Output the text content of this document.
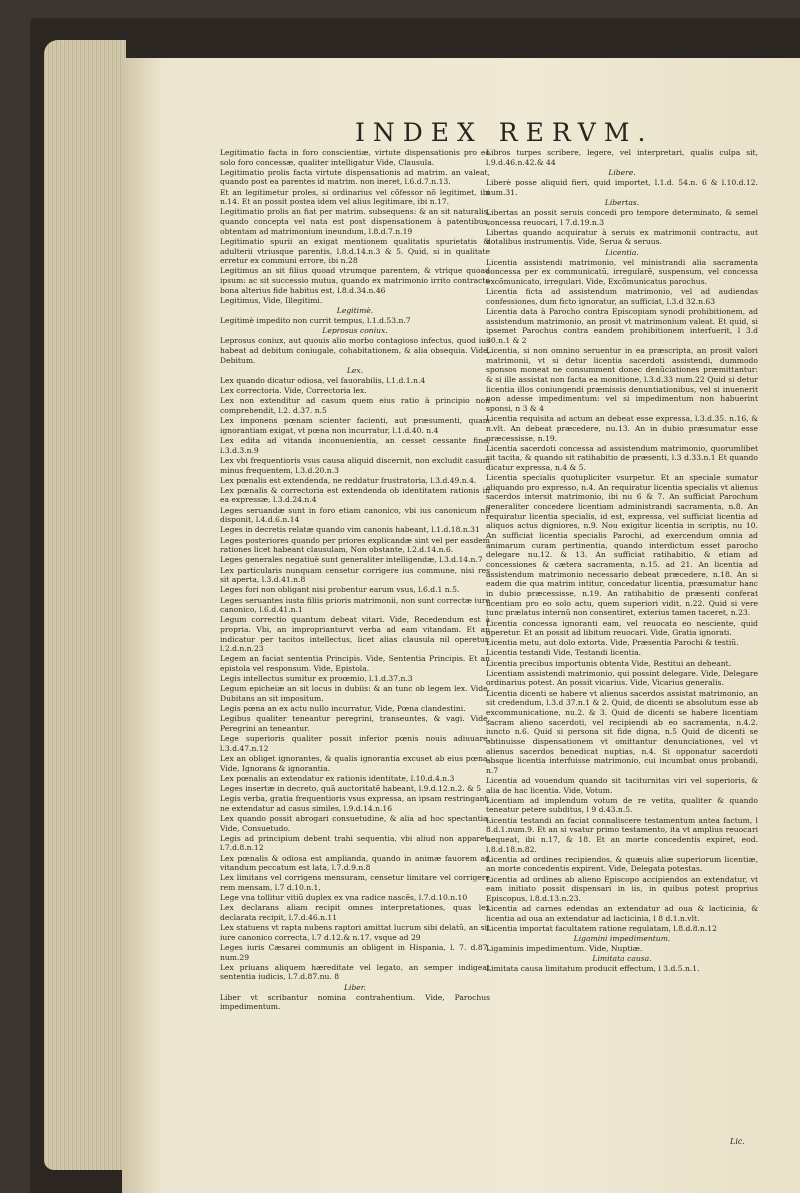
INDEX RERVM.

Legitimatio facta in foro conscientiæ, virtute dispensationis pro eo solo foro concessæ, qualiter intelligatur Vide, Clausula.

Legitimatio prolis facta virtute dispensationis ad matrim. an valeat, quando post ea parentes id matrim. non ineret, l.6.d.7.n.13.

Et an legitimetur proles, si ordinarius vel cõfessor nõ legitimet, ibi n.14. Et an possit postea idem vel alius legitimare, ibi n.17.

Legitimatio prolis an fiat per matrim. subsequens: & an sit naturalis, quando concepta vel nata est post dispensationem à patentibus, obtentam ad matrimonium ineundum, l.8.d.7.n.19

Legitimatio spurii an exigat mentionem qualitatis spurietatis & adulterii vtriusque parentis, l.8.d.14.n.3 & 5. Quid, si in qualitate erretur ex communi errore, ibi n.28

Legitimus an sit filius quoad vtrumque parentem, & vtrique quoad ipsum: ac sit successio mutua, quando ex matrimonio irrito contracto bona alterius fide habitus est, l.8.d.34.n.46

Legitimus, Vide, Illegitimi.

Legitimè.

Legitimè impedito non currit tempus, l.1.d.53.n.7

Leprosus coniux.

Leprosus coniux, aut quouis alio morbo contagioso infectus, quod ius habeat ad debitum coniugale, cohabitationem, & alia obsequia. Vide, Debitum.

Lex.

Lex quando dicatur odiosa, vel fauorabilis, l.1.d.1.n.4

Lex correctoria. Vide, Correctoria lex.

Lex non extenditur ad casum quem eius ratio à principio non comprehendit, l.2. d.37. n.5

Lex imponens pœnam scienter facienti, aut præsumenti, quam ignorantiam exigat, vt pœna non incurratur, l.1.d.40. n.4

Lex edita ad vitanda inconuenientia, an cesset cessante fine, l.3.d.3.n.9

Lex vbi frequentioris vsus causa aliquid discernit, non excludit casum minus frequentem, l.3.d.20.n.3

Lex pœnalis est extendenda, ne reddatur frustratoria, l.3.d.49.n.4.

Lex pœnalis & correctoria est extendenda ob identitatem rationis in ea expressæ, l.3.d.24.n.4

Leges seruandæ sunt in foro etiam canonico, vbi ius canonicum nil disponit, l.4.d.6.n.14

Leges in decretis relatæ quando vim canonis habeant, l.1.d.18.n.31

Leges posteriores quando per priores explicandæ sint vel per easdem rationes licet habeant clausulam, Non obstante, l.2.d.14.n.6.

Leges generales negatiuè sunt generaliter intelligendæ, l.3.d.14.n.7

Lex particularis nunquam censetur corrigere ius commune, nisi res sit aperta, l.3.d.41.n.8

Leges fori non obligant nisi probentur earum vsus, l.6.d.1 n.5.

Leges seruantes iusta filiis prioris matrimonii, non sunt correctæ iure canonico, l.6.d.41.n.1

Legum correctio quantum debeat vitari. Vide, Recedendum est à propria. Vbi, an improprianturvt verba ad eam vitandam. Et an indicatur per tacitos intellectus, licet alias clausula nil operetur, l.2.d.n.n.23

Legem an faciat sententia Principis. Vide, Sententia Principis. Et an epistola vel responsum. Vide, Epistola.

Legis intellectus sumitur ex proœmio, l.1.d.37.n.3

Legum epicheiæ an sit locus in dubiis: & an tunc ob legem lex. Vide, Dubitans an sit impositum.

Legis pœna an ex actu nullo incurratur, Vide, Pœna clandestini.

Legibus qualiter teneantur peregrini, transeuntes, & vagi. Vide, Peregrini an teneantur.

Lege superioris qualiter possit inferior pœnis nouis adiuuare, l.3.d.47.n.12

Lex an obliget ignorantes, & qualis ignorantia excuset ab eius pœna. Vide, Ignorans & ignorantia.

Lex pœnalis an extendatur ex rationis identitate, l.10.d.4.n.3

Leges insertæ in decreto, quã auctoritatẽ habeant, l.9.d.12.n.2. & 5

Legis verba, gratia frequentioris vsus expressa, an ipsam restringant, ne extendatur ad casus similes, l.9.d.14.n.16

Lex quando possit abrogari consuetudine, & alia ad hoc spectantia. Vide, Consuetudo.

Legis ad principium debent trahi sequentia, vbi aliud non apparet, l.7.d.8.n.12

Lex pœnalis & odiosa est amplianda, quando in animæ fauorem ad vitandum peccatum est lata, l.7.d.9.n.8

Lex limitans vel corrigens mensuram, censetur limitare vel corrigere rem mensam, l.7 d.10.n.1,

Lege vna tollitur vitiũ duplex ex vna radice nascẽs, l.7.d.10.n.10

Lex declarans aliam recipit omnes interpretationes, quas lex declarata recipit, l.7.d.46.n.11

Lex statuens vt rapta nubens raptori amittat lucrum sibi delatũ, an sit iure canonico correcta, l.7 d.12.& n.17. vsque ad 29

Leges iuris Cæsarei communis an obligent in Hispania, l. 7. d.87. num.29

Lex priuans aliquem hæreditate vel legato, an semper indigeat sententia iudicis, l.7.d.87.nu. 8

Liber.

Liber vt scribantur nomina contrahentium. Vide, Parochus impedimentum.

Libros turpes scribere, legere, vel interpretari, qualis culpa sit, l.9.d.46.n.42.& 44

Libere.

Liberè posse aliquid fieri, quid importet, l.1.d. 54.n. 6 & l.10.d.12. num.31.

Libertas.

Libertas an possit seruis concedi pro tempore determinato, & semel concessa reuocari, l 7.d.19.n.3

Libertas quando acquiratur à seruis ex matrimonii contractu, aut dotalibus instrumentis. Vide, Serua & seruus.

Licentia.

Licentia assistendi matrimonio, vel ministrandi alia sacramenta concessa per ex communicatũ, irregularẽ, suspensum, vel concessa excõmunicato, irregulari. Vide, Excõmunicatus parochus.

Licentia ficta ad assistendum matrimonio, vel ad audiendas confessiones, dum ficto ignoratur, an sufficiat, l.3.d 32.n.63

Licentia data à Parocho contra Episcopiam synodi prohibitionem, ad assistendum matrimonio, an prosit vt matrimonium valeat. Et quid, si ipsemet Parochus contra eandem prohibitionem interfuerit, l 3.d 30.n.1 & 2

Licentia, si non omnino seruentur in ea præscripta, an prosit valori matrimonii, vt si detur licentia sacerdoti assistendi, dummodo sponsos moneat ne consumment donec denũciationes præmittantur: & si ille assistat non facta ea monitione, l.3.d.33 num.22 Quid si detur licentia illos coniungendi præmissis denuntiationibus, vel si inuenerit non adesse impedimentum: vel si impedimentum non habuerint sponsi, n 3 & 4

Licentia requisita ad actum an debeat esse expressa, l.3.d.35. n.16, & n.vlt. An debeat præcedere, nu.13. An in dubio præsumatur esse præcessisse, n.19.

Licentia sacerdoti concessa ad assistendum matrimonio, quorumlibet sit tacita, & quando sit ratihabitio de præsenti, l.3 d.33.n.1 Et quando dicatur expressa, n.4 & 5.

Licentia specialis quotupliciter vsurpetur. Et an speciale sumatur aliquando pro expresso, n.4. An requiratur licentia specialis vt alienus sacerdos intersit matrimonio, ibi nu 6 & 7. An sufficiat Parochum generaliter concedere licentiam administrandi sacramenta, n.8. An requiratur licentia specialis, id est, expressa, vel sufficiat licentia ad aliquos actus digniores, n.9. Nou exigitur licentia in scriptis, nu 10. An sufficiat licentia specialis Parochi, ad exercendum omnia ad animarum curam pertinentia, quando interdictum esset parocho delegare nu.12. & 13. An sufficiat ratihabitio, & etiam ad concessiones & cætera sacramenta, n.15. ad 21. An licentia ad assistendum matrimonio necessario debeat præcedere, n.18. An si eadem die qua matrim intitur, concedatur licentia, præsumatur hanc in dubio præcessisse, n.19. An ratihabitio de præsenti conferat licentiam pro eo solo actu, quem superiori vidit, n.22. Quid si vere tunc prælatus internũ non consentiret, exterius tamen taceret, n.23.

Licentia concessa ignoranti eam, vel reuocata eo nesciente, quid operetur. Et an possit ad libitum reuocari. Vide, Gratia ignorati.

Licentia metu, aut dolo extorta. Vide, Præsentia Parochi & testiũ.

Licentia testandi Vide, Testandi licentia.

Licentia precibus importunis obtenta Vide, Restitui an debeant.

Licentiam assistendi matrimonio, qui possint delegare. Vide, Delegare ordinarius potest. An possit vicarius. Vide, Vicarius generalis.

Licentia dicenti se habere vt alienus sacerdos assistat matrimonio, an sit credendum, l.3.d 37.n.1 & 2. Quid, de dicenti se absolutum esse ab excommunicatione, nu.2. & 3. Quid de dicenti se habere licentiam sacram alieno sacerdoti, vel recipiendi ab eo sacramenta, n.4.2. iuncto n.6. Quid si persona sit fide digna, n.5 Quid de dicenti se obtinuisse dispensationem vt omittantur denunciationes, vel vt alienus sacerdos benedicat nuptias, n.4. Si opponatur sacerdoti absque licentia interfuisse matrimonio, cui incumbat onus probandi, n.7

Licentia ad vouendum quando sit taciturnitas viri vel superioris, & alia de hac licentia. Vide, Votum.

Licentiam ad implendum votum de re vetita, qualiter & quando teneatur petere subditus, l 9 d.43.n.5.

Licentia testandi an faciat connaliscere testamentum antea factum, l 8.d.1.num.9. Et an si vsatur primo testamento, ita vt amplius reuocari nequeat, ibi n.17, & 18. Et an morte concedentis expiret, eod. l.8.d.18.n.82.

Licentia ad ordines recipiendos, & quæuis aliæ superiorum licentiæ, an morte concedentis expirent. Vide, Delegata potestas.

Licentia ad ordines ab alieno Episcopo accipiendos an extendatur, vt eam initiato possit dispensari in iis, in quibus potest proprius Episcopus, l.8.d.13.n.23.

Licentia ad carnes edendas an extendatur ad oua & lacticinia, & licentia ad oua an extendatur ad lacticinia, l 8 d.1.n.vlt.

Licentia importat facultatem ratione regulatam, l.8.d.8.n.12

Ligamini impedimentum.

Ligaminis impedimentum. Vide, Nuptiæ.

Limitata causa.

Limitata causa limitatum producit effectum, l 3.d.5.n.1.

Lic.
